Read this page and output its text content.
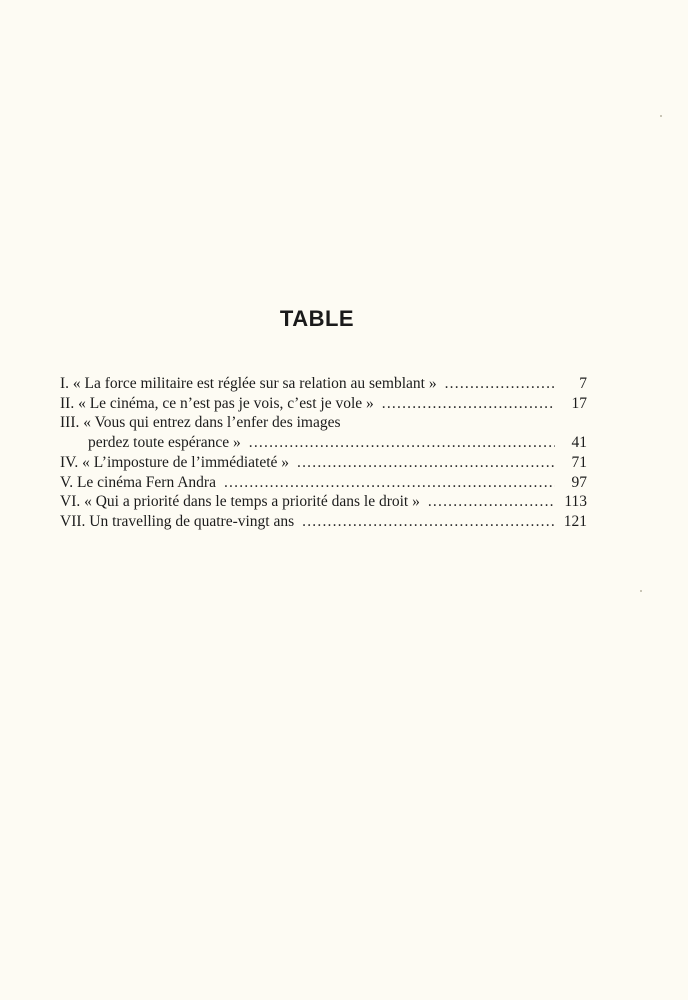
TABLE
I. « La force militaire est réglée sur sa relation au semblant » .....	7
II. « Le cinéma, ce n’est pas je vois, c’est je vole » .....	17
III. « Vous qui entrez dans l’enfer des images
perdez toute espérance » .....	41
IV. « L’imposture de l’immédiateté » .....	71
V. Le cinéma Fern Andra .....	97
VI. « Qui a priorité dans le temps a priorité dans le droit » .....	113
VII. Un travelling de quatre-vingt ans .....	121
